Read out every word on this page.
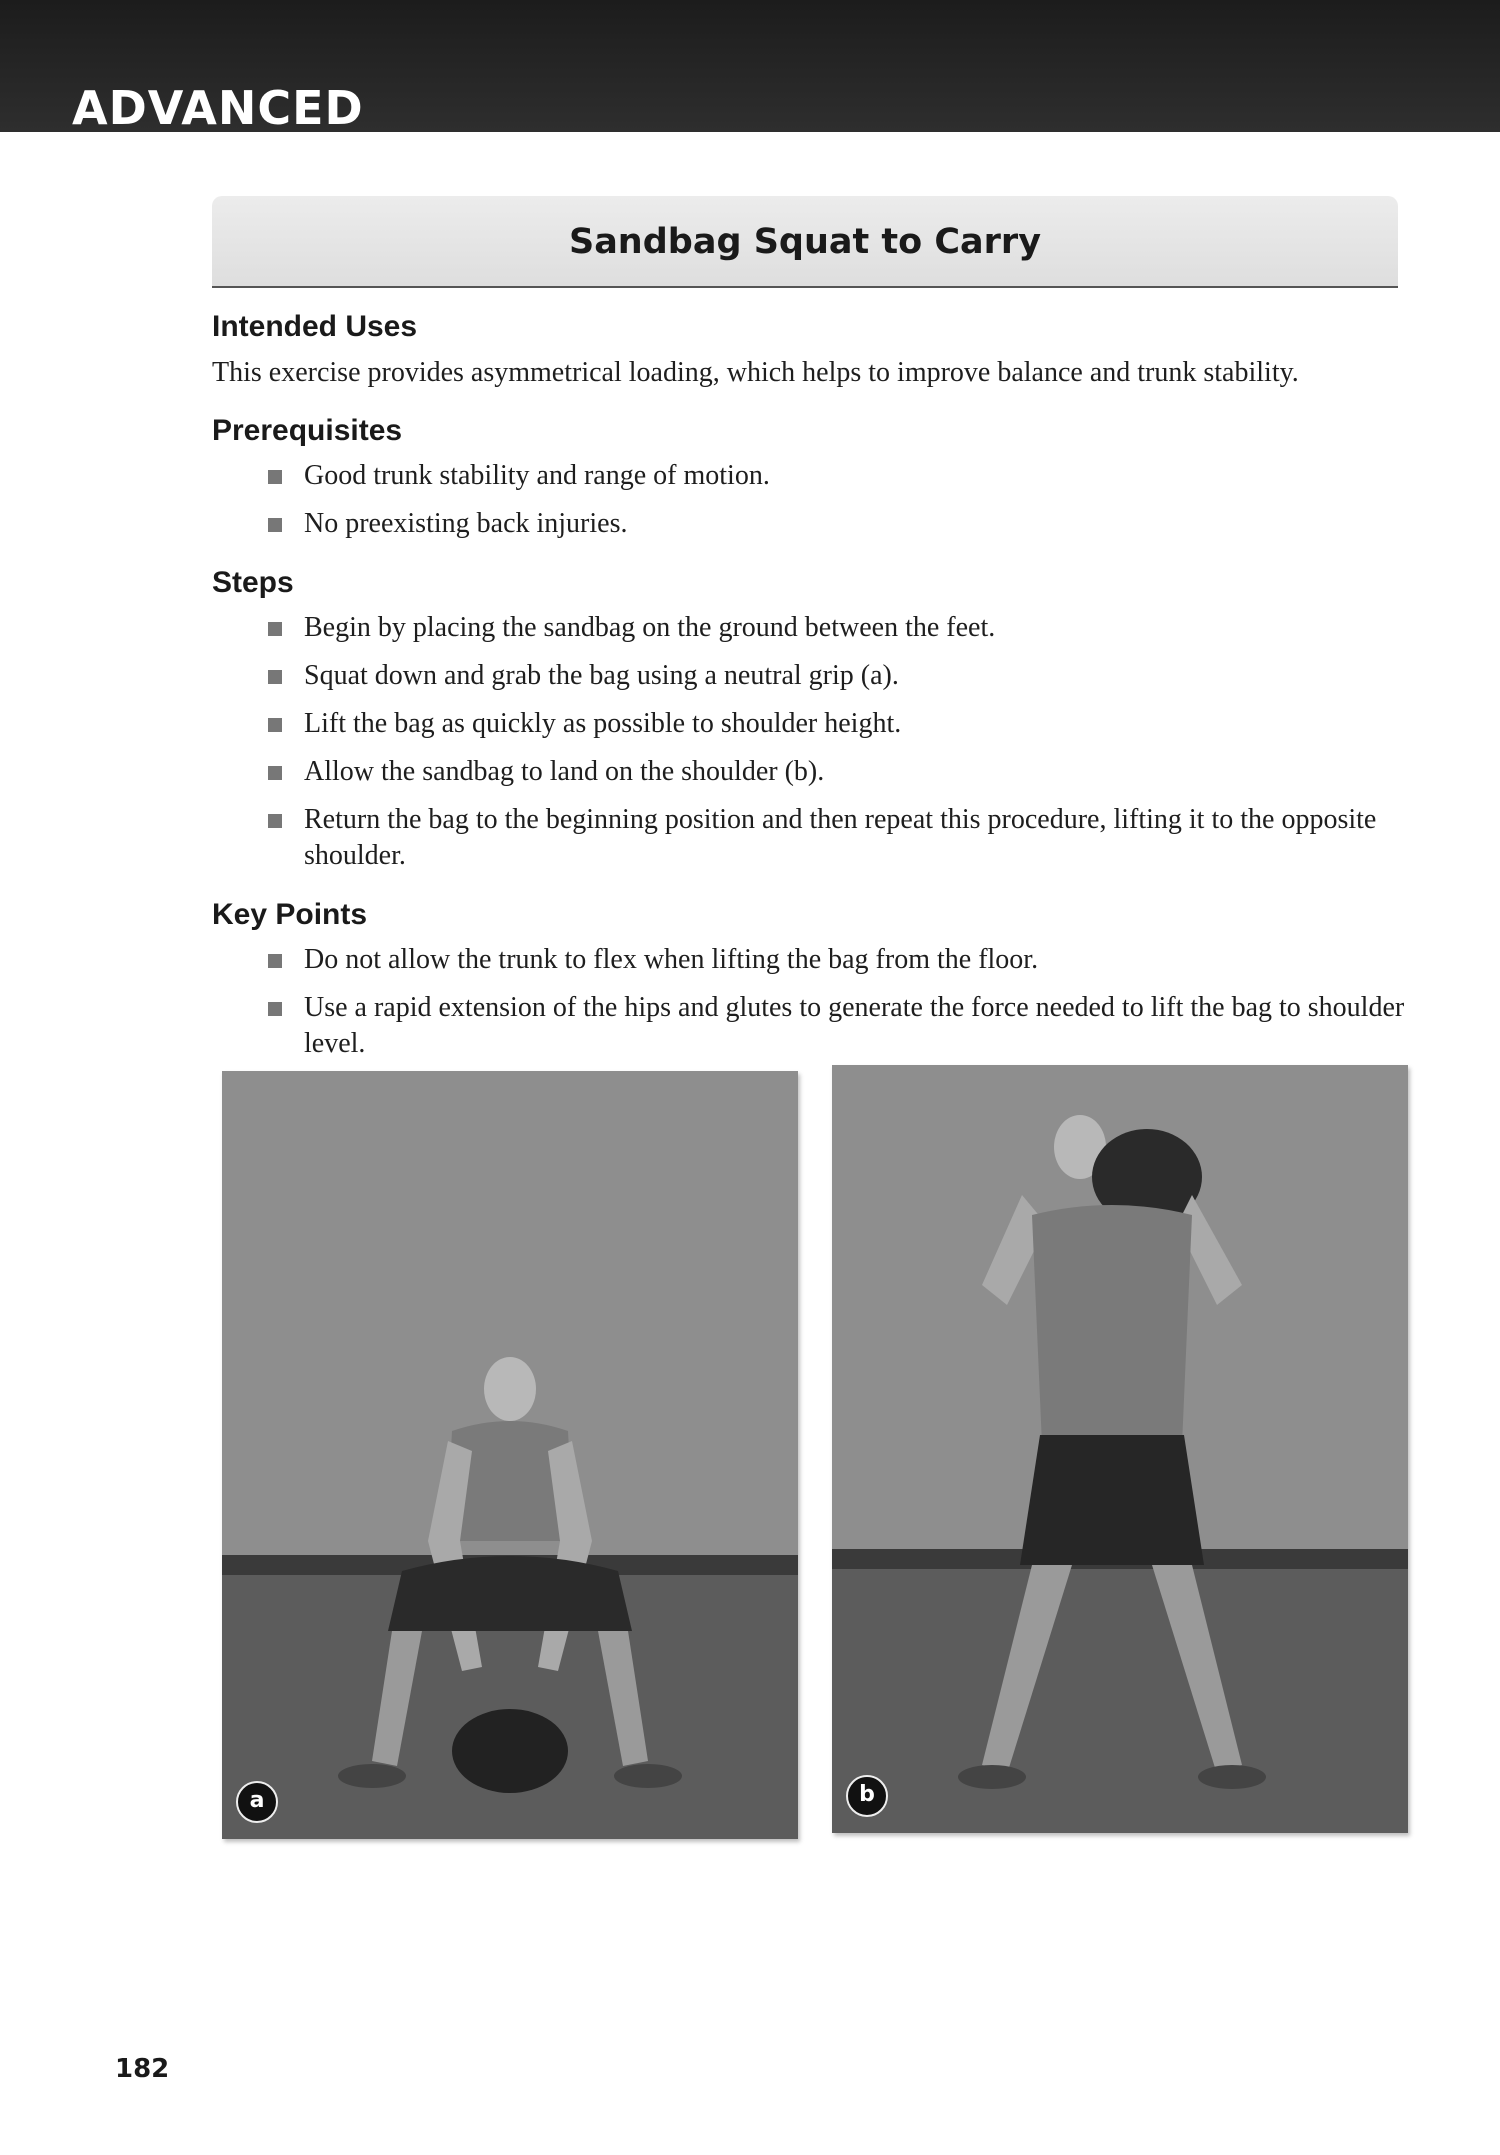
ADVANCED
Sandbag Squat to Carry
Intended Uses

This exercise provides asymmetrical loading, which helps to improve balance and trunk stability.

Prerequisites
Good trunk stability and range of motion.
No preexisting back injuries.
Steps
Begin by placing the sandbag on the ground between the feet.
Squat down and grab the bag using a neutral grip (a).
Lift the bag as quickly as possible to shoulder height.
Allow the sandbag to land on the shoulder (b).
Return the bag to the beginning position and then repeat this procedure, lifting it to the opposite shoulder.
Key Points
Do not allow the trunk to flex when lifting the bag from the floor.
Use a rapid extension of the hips and glutes to generate the force needed to lift the bag to shoulder level.
a	b
182
